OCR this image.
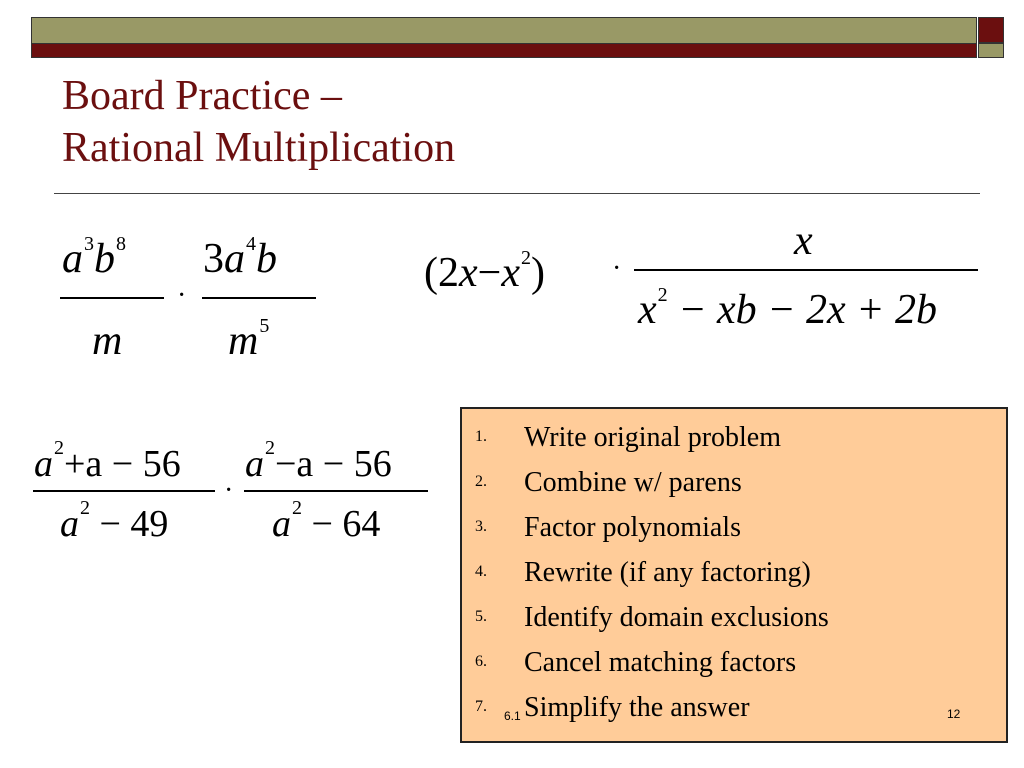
Board Practice –
Rational Multiplication
$a^3b^8$
m
·
$3a^4b$
$m^5$
$(2x-x^2)$ ·
x
$x^2$ − xb − 2x + 2b
$a^2+a - 56$
$a^2 - 49$
·
$a^2-a - 56$
$a^2 - 64$
1. Write original problem
2. Combine w/ parens
3. Factor polynomials
4. Rewrite (if any factoring)
5. Identify domain exclusions
6. Cancel matching factors
7. Simplify the answer
6.1	12
